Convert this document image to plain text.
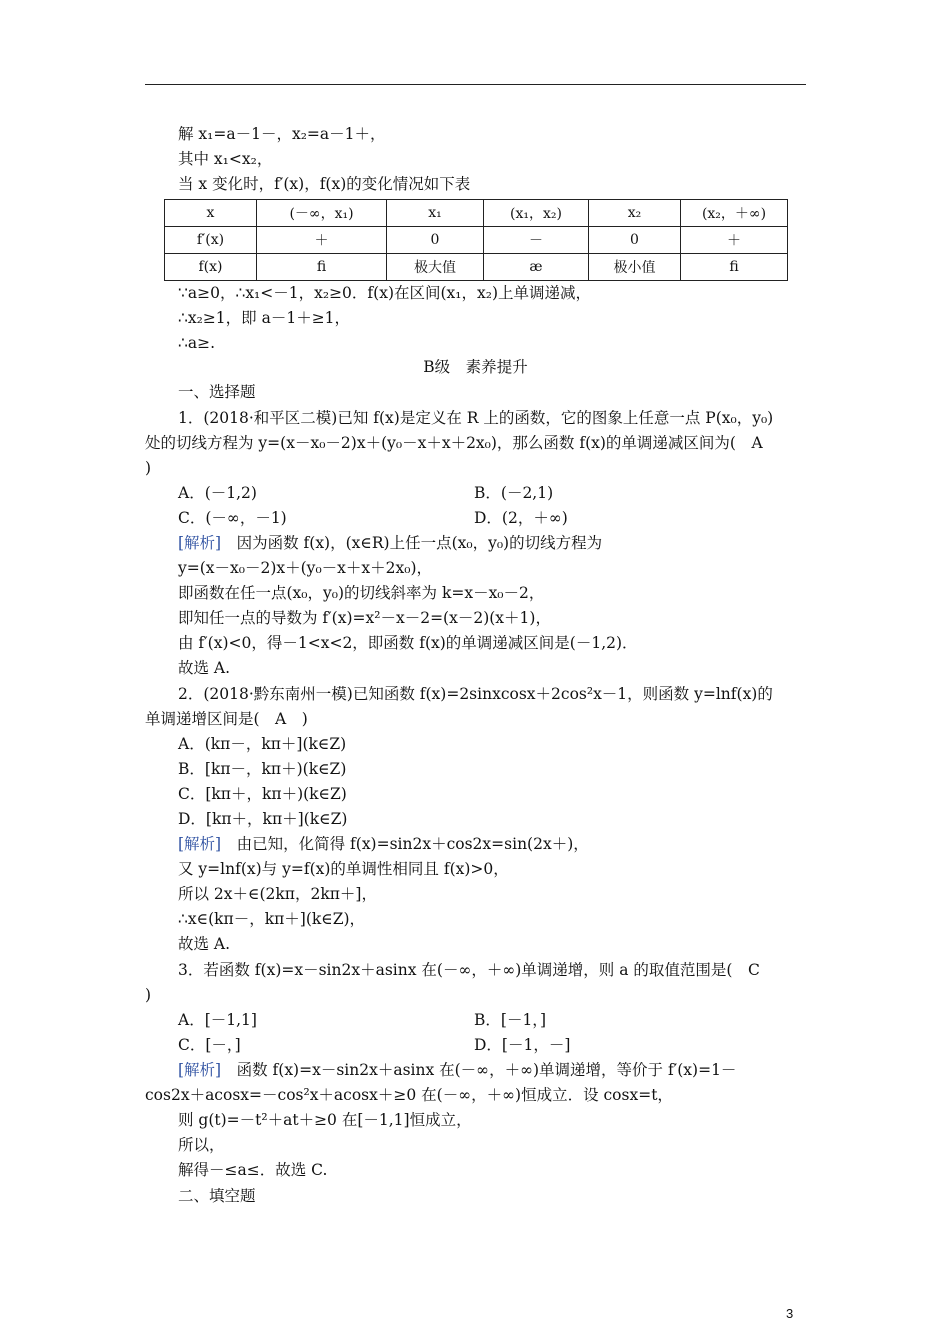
解 x₁=a－1－，x₂=a－1＋，
其中 x₁<x₂，
当 x 变化时，f′(x)，f(x)的变化情况如下表
x	(－∞，x₁)	x₁	(x₁，x₂)	x₂	(x₂，＋∞)
f′(x)	＋	0	－	0	＋
f(x)	ﬁ	极大值	æ	极小值	ﬁ
∵a≥0，∴x₁<－1，x₂≥0．f(x)在区间(x₁，x₂)上单调递减，
∴x₂≥1，即 a－1＋≥1，
∴a≥.
B级　素养提升
一、选择题
1．(2018·和平区二模)已知 f(x)是定义在 R 上的函数，它的图象上任意一点 P(x₀，y₀)
处的切线方程为 y=(x－x₀－2)x＋(y₀－x＋x＋2x₀)，那么函数 f(x)的单调递减区间为(　A
)
A．(－1,2)	B．(－2,1)
C．(－∞，－1)	D．(2，＋∞)
[解析]　因为函数 f(x)，(x∈R)上任一点(x₀，y₀)的切线方程为
y=(x－x₀－2)x＋(y₀－x＋x＋2x₀)，
即函数在任一点(x₀，y₀)的切线斜率为 k=x－x₀－2，
即知任一点的导数为 f′(x)=x²－x－2=(x－2)(x＋1)，
由 f′(x)<0，得－1<x<2，即函数 f(x)的单调递减区间是(－1,2)．
故选 A.
2．(2018·黔东南州一模)已知函数 f(x)=2sinxcosx＋2cos²x－1，则函数 y=lnf(x)的
单调递增区间是(　A　)
A．(kπ－，kπ＋](k∈Z)
B．[kπ－，kπ＋)(k∈Z)
C．[kπ＋，kπ＋)(k∈Z)
D．[kπ＋，kπ＋](k∈Z)
[解析]　由已知，化简得 f(x)=sin2x＋cos2x=sin(2x＋)，
又 y=lnf(x)与 y=f(x)的单调性相同且 f(x)>0，
所以 2x＋∈(2kπ，2kπ＋]，
∴x∈(kπ－，kπ＋](k∈Z)，
故选 A.
3．若函数 f(x)=x－sin2x＋asinx 在(－∞，＋∞)单调递增，则 a 的取值范围是(　C
)
A．[－1,1]	B．[－1，]
C．[－，]	D．[－1，－]
[解析]　函数 f(x)=x－sin2x＋asinx 在(－∞，＋∞)单调递增，等价于 f′(x)=1－
cos2x＋acosx=－cos²x＋acosx＋≥0 在(－∞，＋∞)恒成立．设 cosx=t，
则 g(t)=－t²＋at＋≥0 在[－1,1]恒成立，
所以，
解得－≤a≤．故选 C.
二、填空题
3
